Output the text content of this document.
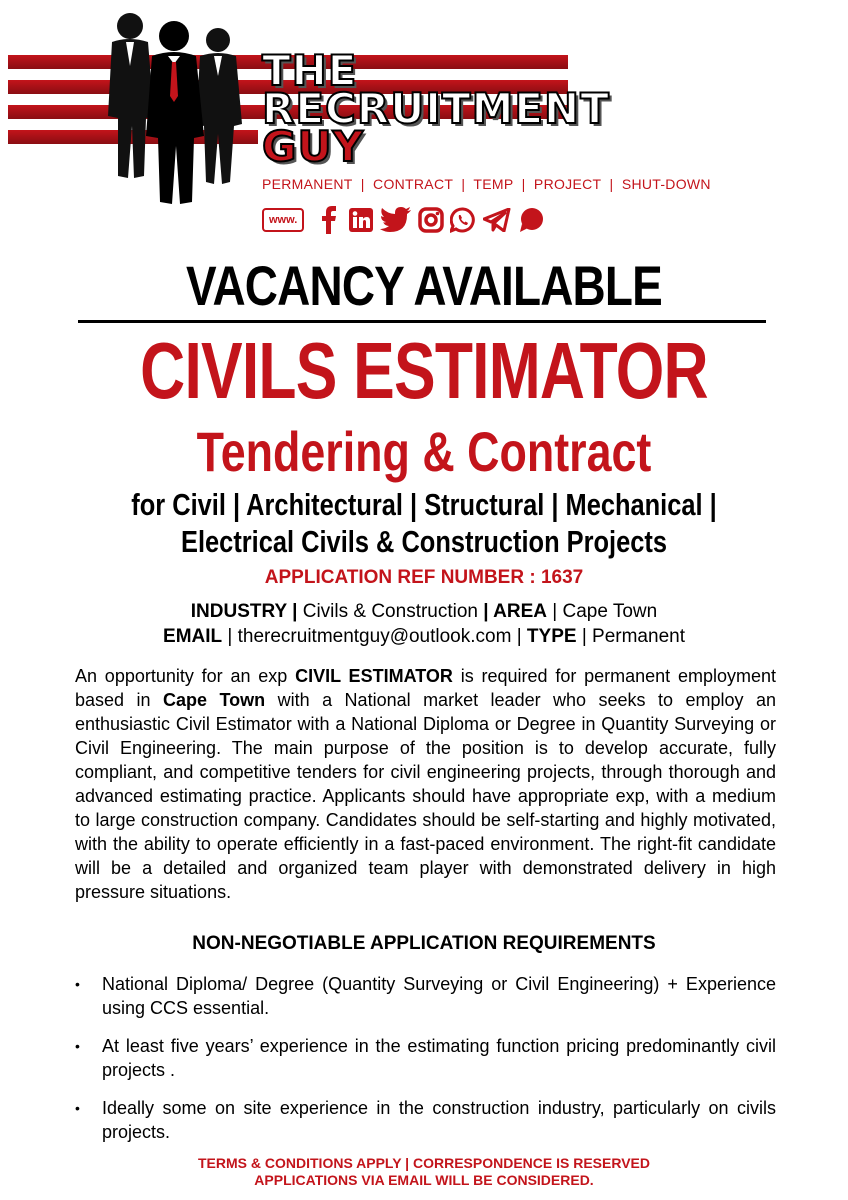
THE
RECRUITMENT
GUY
PERMANENT  |  CONTRACT  |  TEMP  |  PROJECT  |  SHUT-DOWN
www.
VACANCY AVAILABLE
CIVILS ESTIMATOR
Tendering & Contract
for Civil | Architectural | Structural | Mechanical |
Electrical Civils & Construction Projects
APPLICATION REF NUMBER : 1637
INDUSTRY | Civils & Construction | AREA | Cape Town
EMAIL | therecruitmentguy@outlook.com | TYPE | Permanent
An opportunity for an exp CIVIL ESTIMATOR is required for permanent employment based in Cape Town with a National market leader who seeks to employ an enthusiastic Civil Estimator with a National Diploma or Degree in Quantity Surveying or Civil Engineering. The main purpose of the position is to develop accurate, fully compliant, and competitive tenders for civil engineering projects, through thorough and advanced estimating practice. Applicants should have appropriate exp, with a medium to large construction company. Candidates should be self-starting and highly motivated, with the ability to operate efficiently in a fast-paced environment. The right-fit candidate will be a detailed and organized team player with demonstrated delivery in high pressure situations.
NON-NEGOTIABLE APPLICATION REQUIREMENTS
• National Diploma/ Degree (Quantity Surveying or Civil Engineering) + Experience using CCS essential.
• At least five years’ experience in the estimating function pricing predominantly civil projects .
• Ideally some on site experience in the construction industry, particularly on civils projects.
TERMS & CONDITIONS APPLY | CORRESPONDENCE IS RESERVED
APPLICATIONS VIA EMAIL WILL BE CONSIDERED.
